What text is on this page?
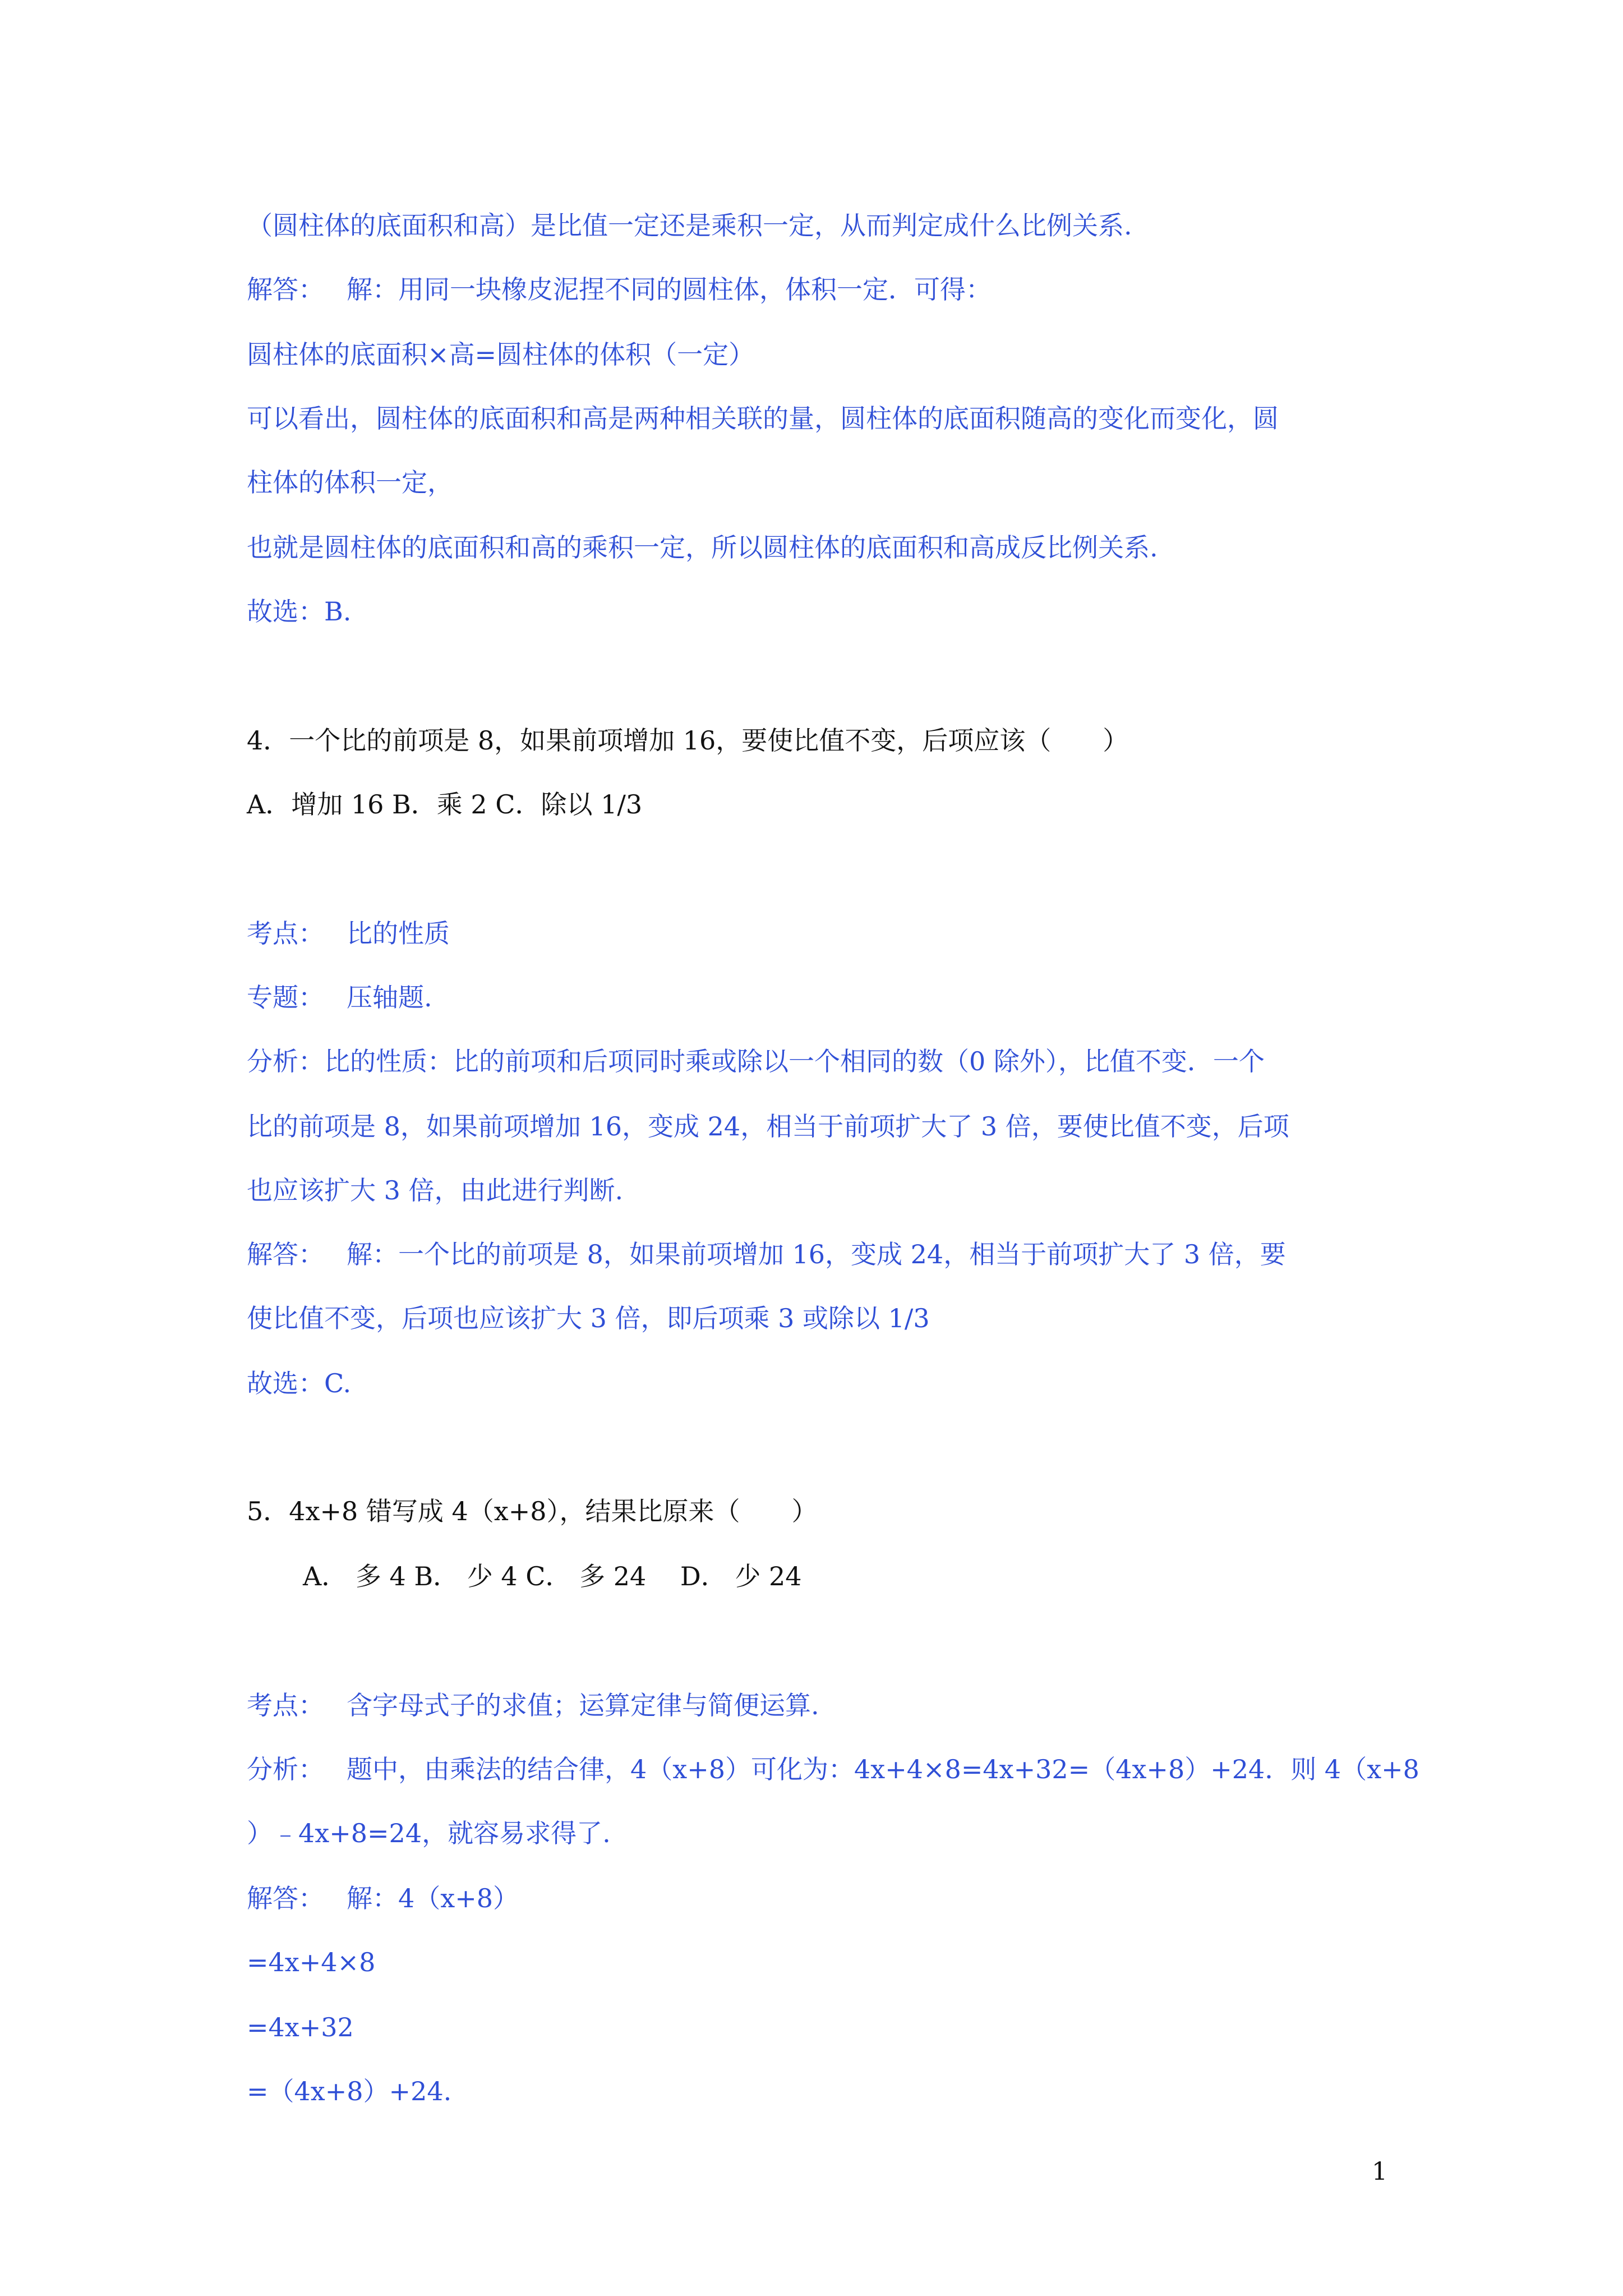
（圆柱体的底面积和高）是比值一定还是乘积一定，从而判定成什么比例关系.

解答： 解：用同一块橡皮泥捏不同的圆柱体，体积一定．可得：

圆柱体的底面积×高=圆柱体的体积（一定）

可以看出，圆柱体的底面积和高是两种相关联的量，圆柱体的底面积随高的变化而变化，圆

柱体的体积一定，

也就是圆柱体的底面积和高的乘积一定，所以圆柱体的底面积和高成反比例关系.

故选：B.

4．一个比的前项是 8，如果前项增加 16，要使比值不变，后项应该（　　）

A．增加 16 B．乘 2 C．除以 1/3

考点： 比的性质

专题： 压轴题.

分析：比的性质：比的前项和后项同时乘或除以一个相同的数（0 除外），比值不变．一个

比的前项是 8，如果前项增加 16，变成 24，相当于前项扩大了 3 倍，要使比值不变，后项

也应该扩大 3 倍，由此进行判断.

解答： 解：一个比的前项是 8，如果前项增加 16，变成 24，相当于前项扩大了 3 倍，要

使比值不变，后项也应该扩大 3 倍，即后项乘 3 或除以 1/3

故选：C.

5．4x+8 错写成 4（x+8），结果比原来（　　）

A． 多 4 B． 少 4 C． 多 24　 D． 少 24

考点： 含字母式子的求值；运算定律与简便运算.

分析： 题中，由乘法的结合律，4（x+8）可化为：4x+4×8=4x+32=（4x+8）+24．则 4（x+8

）﹣4x+8=24，就容易求得了.

解答： 解：4（x+8）

=4x+4×8

=4x+32

=（4x+8）+24.

1
